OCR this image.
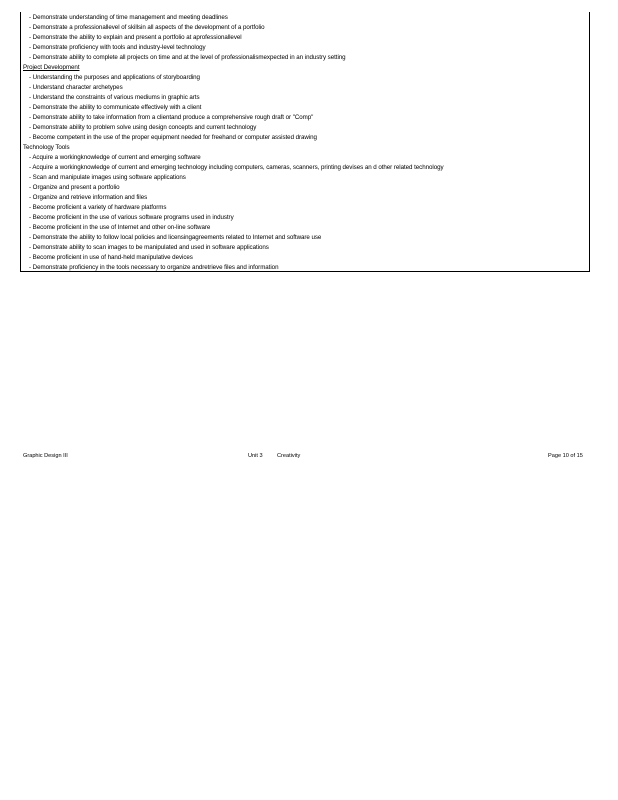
- Demonstrate understanding of time management and meeting deadlines
- Demonstrate a professionallevel of skillsin all aspects of the development of a portfolio
- Demonstrate the ability to explain and present a portfolio at aprofessionallevel
- Demonstrate proficiency with tools and industry-level technology
- Demonstrate ability to complete all projects on time and at the level of professionalismexpected in an industry setting
Project Development
- Understanding the purposes and applications of storyboarding
- Understand character archetypes
- Understand the constraints of various mediums in graphic arts
- Demonstrate the ability to communicate effectively with a client
- Demonstrate ability to take information from a clientand produce a comprehensive rough draft or "Comp"
- Demonstrate ability to problem solve using design concepts and current technology
- Become competent in the use of the proper equipment needed for freehand or computer assisted drawing
Technology Tools
- Acquire a workingknowledge of current and emerging software
- Acquire a workingknowledge of current and emerging technology including computers, cameras, scanners, printing devises an d other related technology
- Scan and manipulate images using software applications
- Organize and present a portfolio
- Organize and retrieve information and files
- Become proficient a variety of hardware platforms
- Become proficient in the use of various software programs used in industry
- Become proficient in the use of Internet and other on-line software
- Demonstrate the ability to follow local policies and licensingagreements related to Internet and software use
- Demonstrate ability to scan images to be manipulated and used in software applications
- Become proficient in use of hand-held manipulative devices
- Demonstrate proficiency in the tools necessary to organize andretrieve files and information
Graphic Design III	Unit 3	Creativity	Page 10 of 15
